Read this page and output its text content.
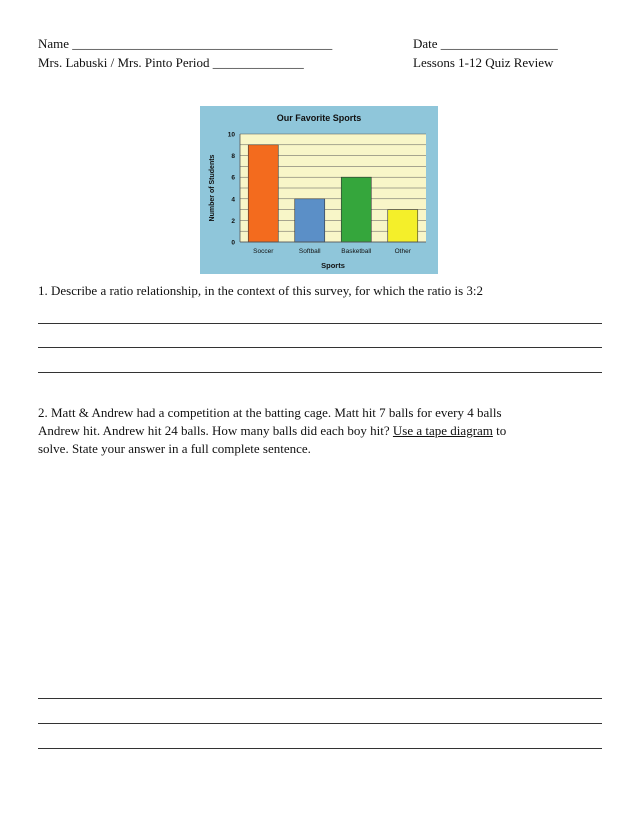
Name ________________________________________	Date __________________
Mrs. Labuski / Mrs. Pinto Period ______________	Lessons 1-12 Quiz Review
Our Favorite Sports
0
2
4
6
8
10
Soccer	Softball	Basketball	Other
Sports
Number of Students
1. Describe a ratio relationship, in the context of this survey, for which the ratio is 3:2
2. Matt & Andrew had a competition at the batting cage. Matt hit 7 balls for every 4 balls
Andrew hit. Andrew hit 24 balls. How many balls did each boy hit? Use a tape diagram to
solve. State your answer in a full complete sentence.
